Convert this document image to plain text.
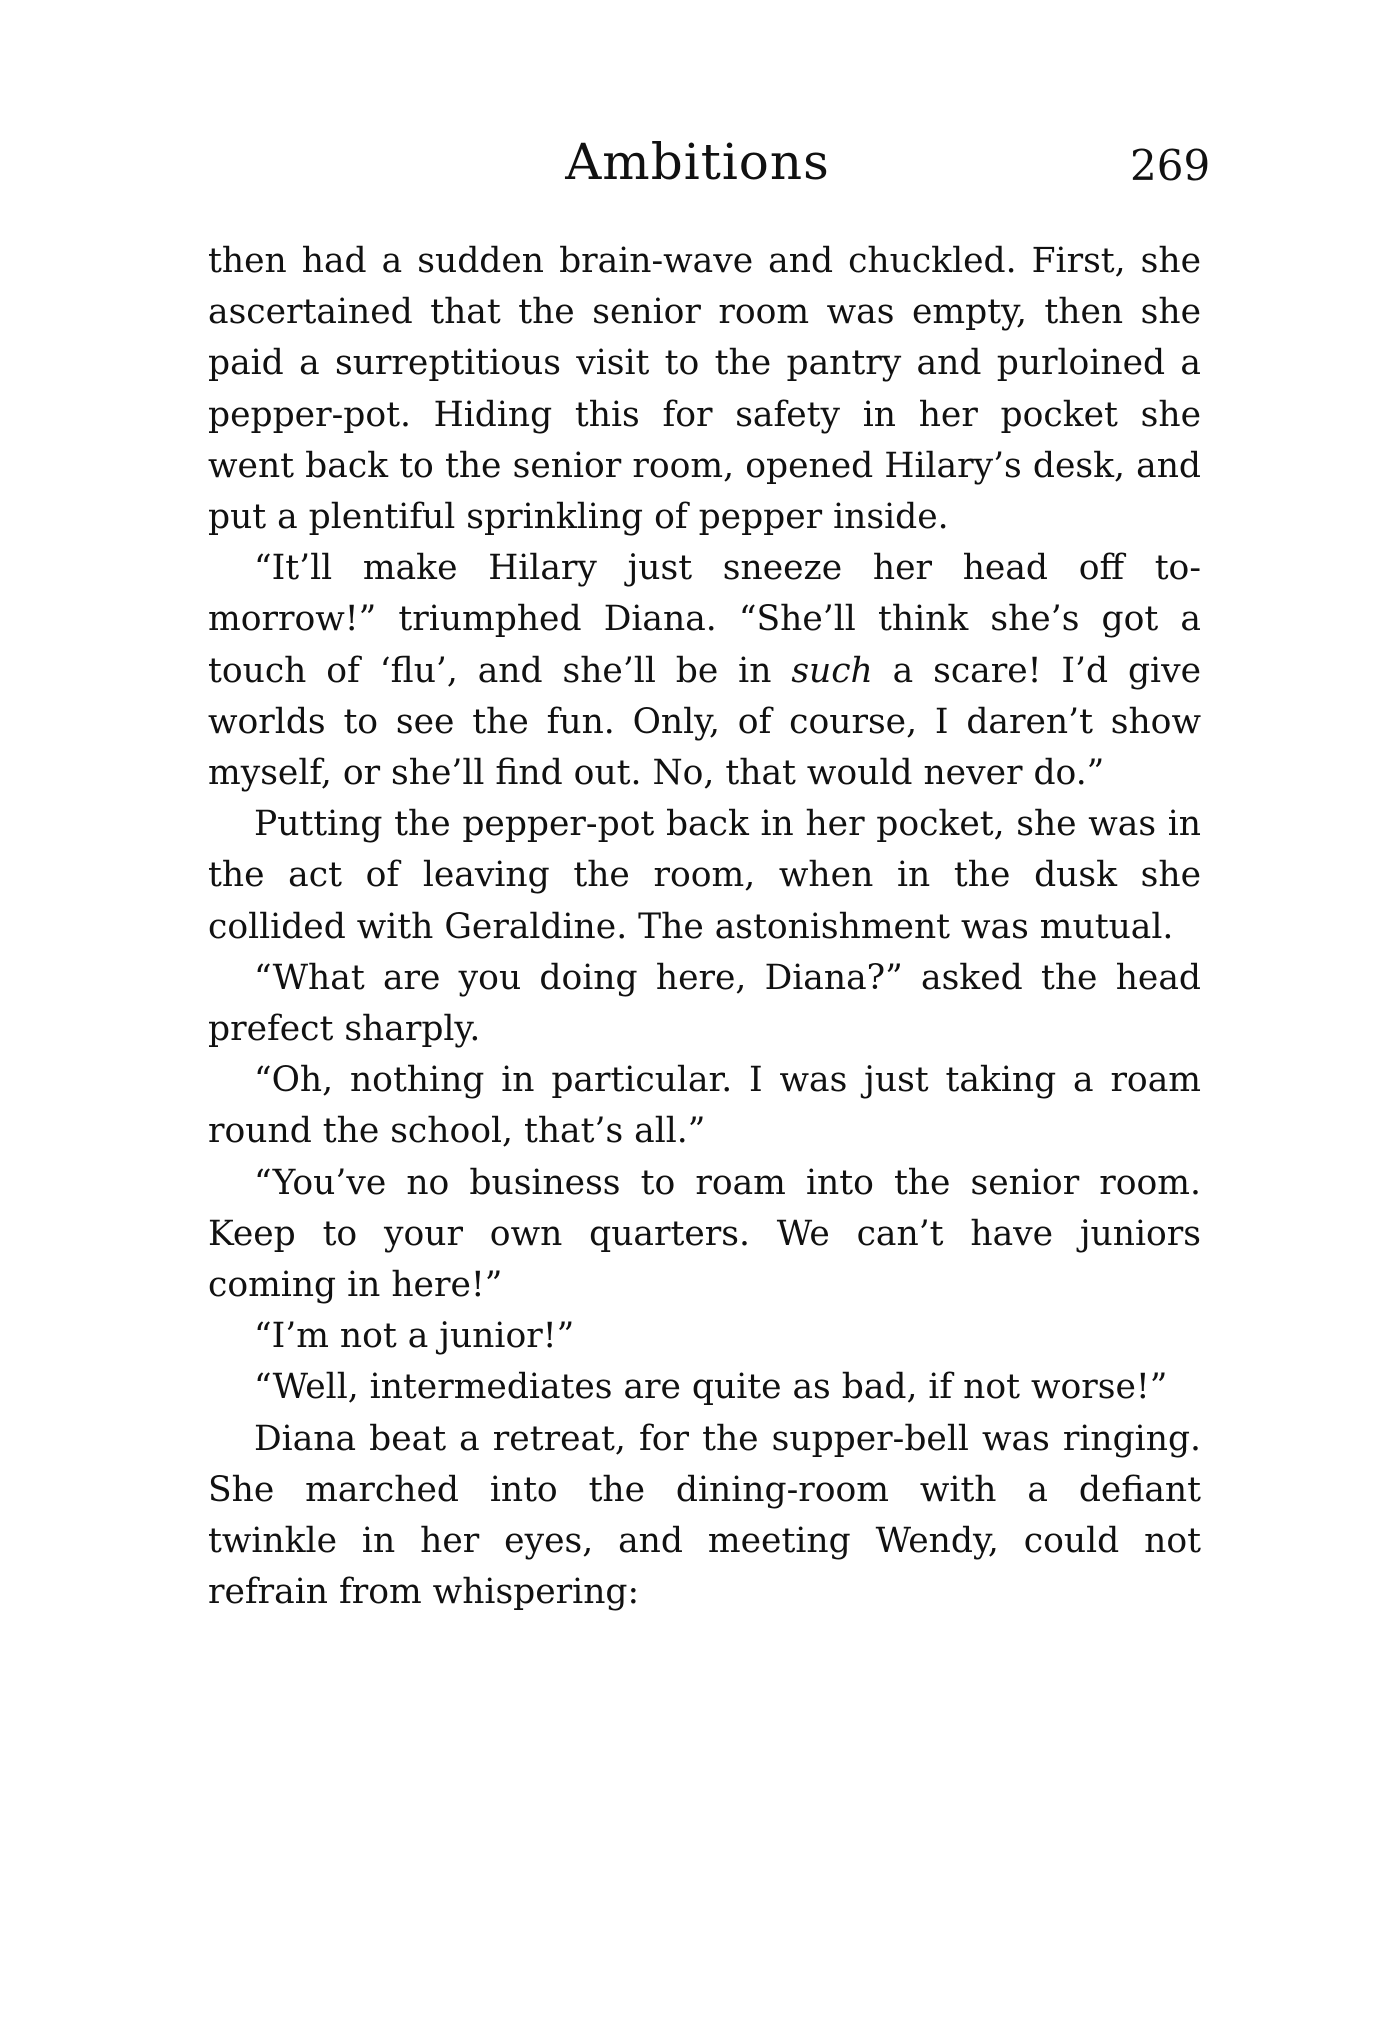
Ambitions	269

then had a sudden brain-wave and chuckled. First, she ascertained that the senior room was empty, then she paid a surreptitious visit to the pantry and purloined a pepper-pot. Hiding this for safety in her pocket she went back to the senior room, opened Hilary’s desk, and put a plentiful sprinkling of pepper inside.

“It’ll make Hilary just sneeze her head off to-morrow!” triumphed Diana. “She’ll think she’s got a touch of ‘flu’, and she’ll be in such a scare! I’d give worlds to see the fun. Only, of course, I daren’t show myself, or she’ll find out. No, that would never do.”

Putting the pepper-pot back in her pocket, she was in the act of leaving the room, when in the dusk she collided with Geraldine. The astonishment was mutual.

“What are you doing here, Diana?” asked the head prefect sharply.

“Oh, nothing in particular. I was just taking a roam round the school, that’s all.”

“You’ve no business to roam into the senior room. Keep to your own quarters. We can’t have juniors coming in here!”

“I’m not a junior!”

“Well, intermediates are quite as bad, if not worse!”

Diana beat a retreat, for the supper-bell was ringing. She marched into the dining-room with a defiant twinkle in her eyes, and meeting Wendy, could not refrain from whispering:
